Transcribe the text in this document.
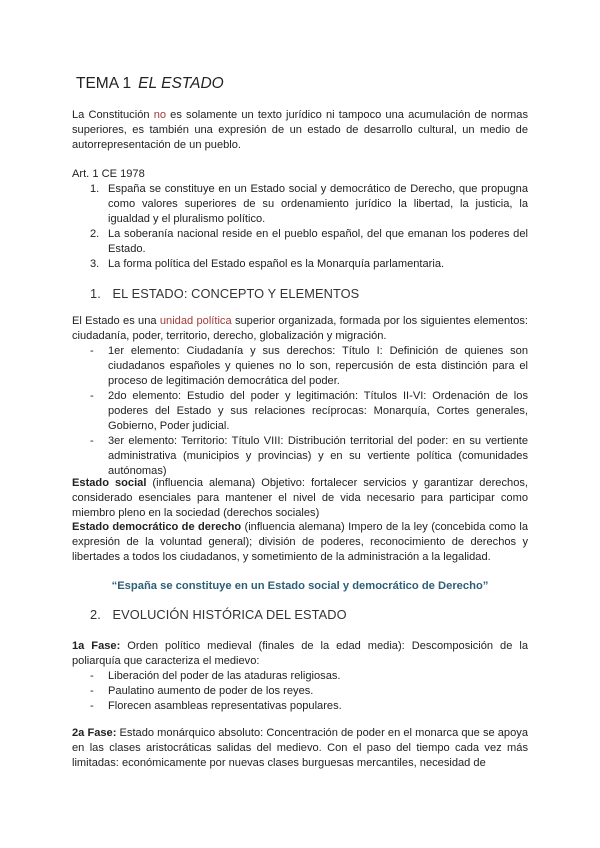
TEMA 1 EL ESTADO
La Constitución no es solamente un texto jurídico ni tampoco una acumulación de normas superiores, es también una expresión de un estado de desarrollo cultural, un medio de autorrepresentación de un pueblo.
Art. 1 CE 1978
1. España se constituye en un Estado social y democrático de Derecho, que propugna como valores superiores de su ordenamiento jurídico la libertad, la justicia, la igualdad y el pluralismo político.
2. La soberanía nacional reside en el pueblo español, del que emanan los poderes del Estado.
3. La forma política del Estado español es la Monarquía parlamentaria.
1. EL ESTADO: CONCEPTO Y ELEMENTOS
El Estado es una unidad política superior organizada, formada por los siguientes elementos: ciudadanía, poder, territorio, derecho, globalización y migración.
- 1er elemento: Ciudadanía y sus derechos: Título I: Definición de quienes son ciudadanos españoles y quienes no lo son, repercusión de esta distinción para el proceso de legitimación democrática del poder.
- 2do elemento: Estudio del poder y legitimación: Títulos II-VI: Ordenación de los poderes del Estado y sus relaciones recíprocas: Monarquía, Cortes generales, Gobierno, Poder judicial.
- 3er elemento: Territorio: Título VIII: Distribución territorial del poder: en su vertiente administrativa (municipios y provincias) y en su vertiente política (comunidades autónomas)
Estado social (influencia alemana) Objetivo: fortalecer servicios y garantizar derechos, considerado esenciales para mantener el nivel de vida necesario para participar como miembro pleno en la sociedad (derechos sociales)
Estado democrático de derecho (influencia alemana) Impero de la ley (concebida como la expresión de la voluntad general); división de poderes, reconocimiento de derechos y libertades a todos los ciudadanos, y sometimiento de la administración a la legalidad.
“España se constituye en un Estado social y democrático de Derecho”
2. EVOLUCIÓN HISTÓRICA DEL ESTADO
1a Fase: Orden político medieval (finales de la edad media): Descomposición de la poliarquía que caracteriza el medievo:
- Liberación del poder de las ataduras religiosas.
- Paulatino aumento de poder de los reyes.
- Florecen asambleas representativas populares.
2a Fase: Estado monárquico absoluto: Concentración de poder en el monarca que se apoya en las clases aristocráticas salidas del medievo. Con el paso del tiempo cada vez más limitadas: económicamente por nuevas clases burguesas mercantiles, necesidad de
